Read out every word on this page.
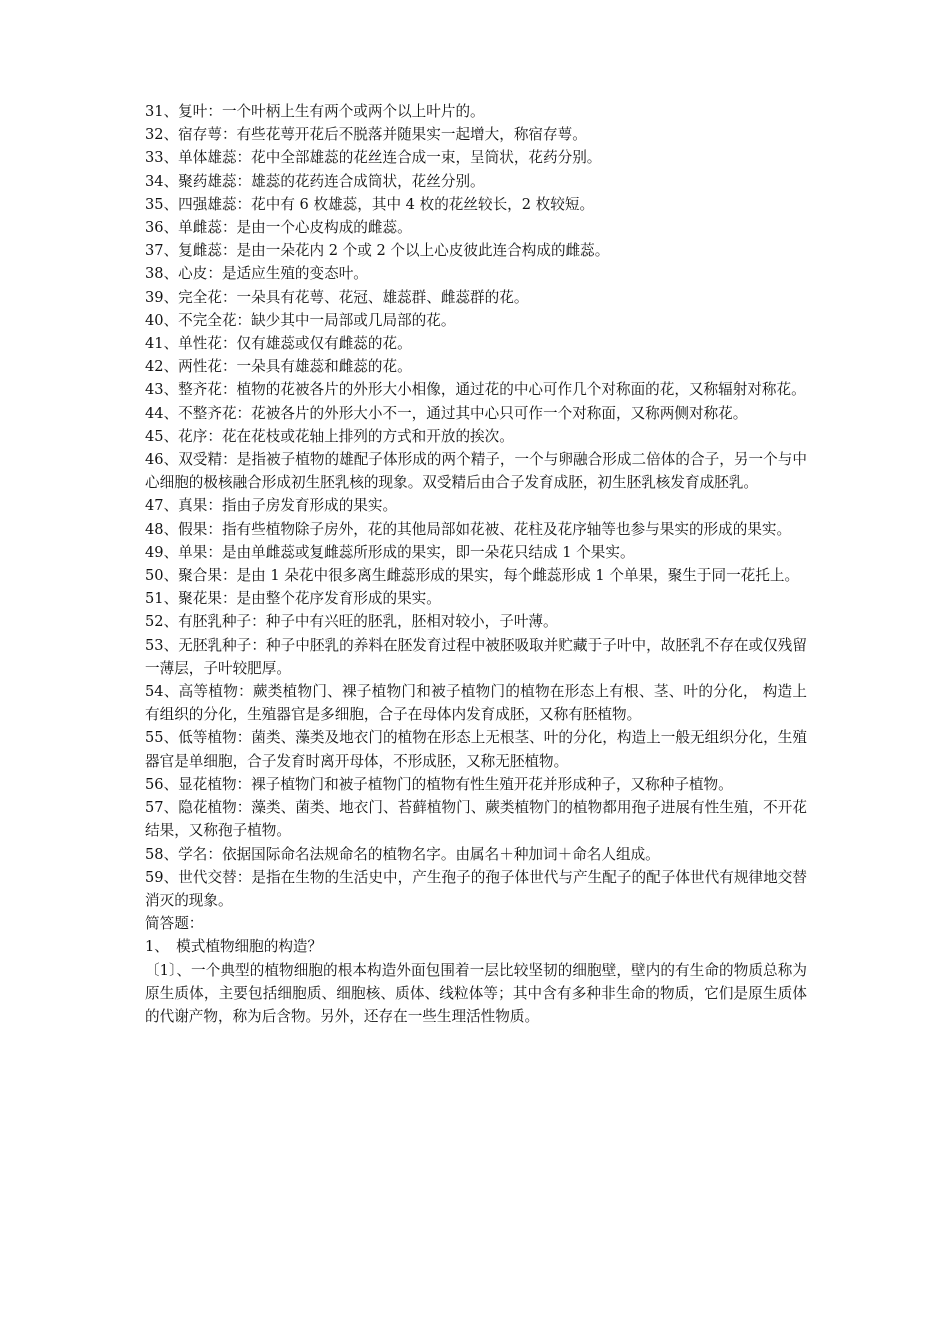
31、复叶：一个叶柄上生有两个或两个以上叶片的。

32、宿存萼：有些花萼开花后不脱落并随果实一起增大，称宿存萼。

33、单体雄蕊：花中全部雄蕊的花丝连合成一束，呈筒状，花药分别。

34、聚药雄蕊：雄蕊的花药连合成筒状，花丝分别。

35、四强雄蕊：花中有 6 枚雄蕊，其中 4 枚的花丝较长，2 枚较短。

36、单雌蕊：是由一个心皮构成的雌蕊。

37、复雌蕊：是由一朵花内 2 个或 2 个以上心皮彼此连合构成的雌蕊。

38、心皮：是适应生殖的变态叶。

39、完全花：一朵具有花萼、花冠、雄蕊群、雌蕊群的花。

40、不完全花：缺少其中一局部或几局部的花。

41、单性花：仅有雄蕊或仅有雌蕊的花。

42、两性花：一朵具有雄蕊和雌蕊的花。

43、整齐花：植物的花被各片的外形大小相像，通过花的中心可作几个对称面的花，又称辐射对称花。

44、不整齐花：花被各片的外形大小不一，通过其中心只可作一个对称面，又称两侧对称花。

45、花序：花在花枝或花轴上排列的方式和开放的挨次。

46、双受精：是指被子植物的雄配子体形成的两个精子，一个与卵融合形成二倍体的合子，另一个与中心细胞的极核融合形成初生胚乳核的现象。双受精后由合子发育成胚，初生胚乳核发育成胚乳。

47、真果：指由子房发育形成的果实。

48、假果：指有些植物除子房外，花的其他局部如花被、花柱及花序轴等也参与果实的形成的果实。

49、单果：是由单雌蕊或复雌蕊所形成的果实，即一朵花只结成 1 个果实。

50、聚合果：是由 1 朵花中很多离生雌蕊形成的果实，每个雌蕊形成 1 个单果，聚生于同一花托上。

51、聚花果：是由整个花序发育形成的果实。

52、有胚乳种子：种子中有兴旺的胚乳，胚相对较小，子叶薄。

53、无胚乳种子：种子中胚乳的养料在胚发育过程中被胚吸取并贮藏于子叶中，故胚乳不存在或仅残留一薄层，子叶较肥厚。

54、高等植物：蕨类植物门、裸子植物门和被子植物门的植物在形态上有根、茎、叶的分化， 构造上有组织的分化，生殖器官是多细胞，合子在母体内发育成胚，又称有胚植物。

55、低等植物：菌类、藻类及地衣门的植物在形态上无根茎、叶的分化，构造上一般无组织分化，生殖器官是单细胞，合子发育时离开母体，不形成胚，又称无胚植物。

56、显花植物：裸子植物门和被子植物门的植物有性生殖开花并形成种子，又称种子植物。

57、隐花植物：藻类、菌类、地衣门、苔藓植物门、蕨类植物门的植物都用孢子进展有性生殖，不开花结果，又称孢子植物。

58、学名：依据国际命名法规命名的植物名字。由属名＋种加词＋命名人组成。

59、世代交替：是指在生物的生活史中，产生孢子的孢子体世代与产生配子的配子体世代有规律地交替消灭的现象。

简答题：

1、　模式植物细胞的构造？

〔1〕、一个典型的植物细胞的根本构造外面包围着一层比较坚韧的细胞壁，壁内的有生命的物质总称为原生质体，主要包括细胞质、细胞核、质体、线粒体等；其中含有多种非生命的物质，它们是原生质体的代谢产物，称为后含物。另外，还存在一些生理活性物质。
